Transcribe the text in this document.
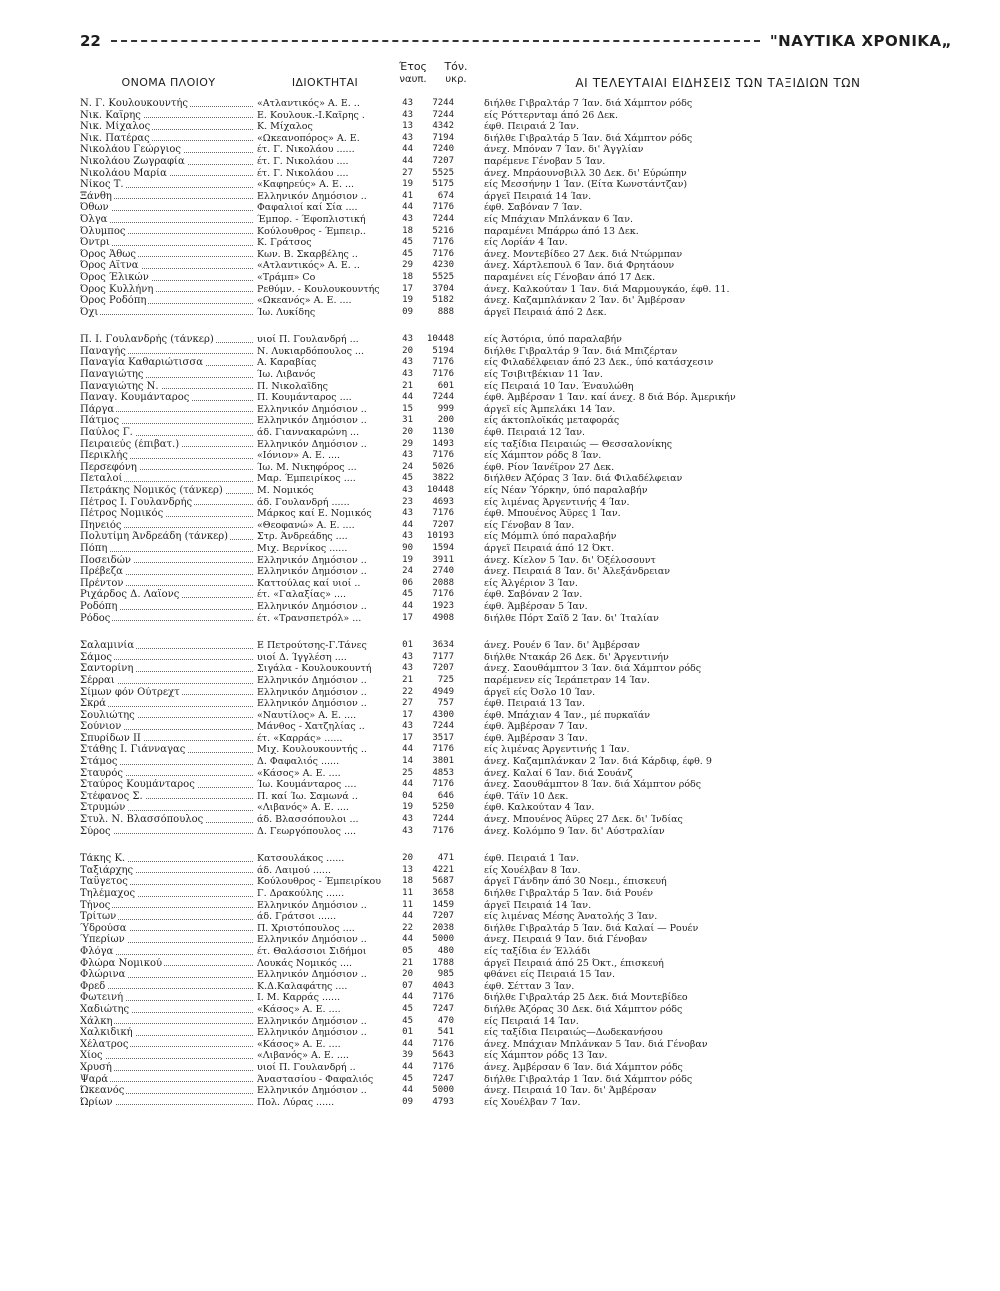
22	"ΝΑΥΤΙΚΑ ΧΡΟΝΙΚΑ„
ΟΝΟΜΑ ΠΛΟΙΟΥ	ΙΔΙΟΚΤΗΤΑΙ
Έτος
ναυπ.
Τόν.
υκρ.	ΑΙ ΤΕΛΕΥΤΑΙΑΙ ΕΙΔΗΣΕΙΣ ΤΩΝ ΤΑΞΙΔΙΩΝ ΤΩΝ
Ν. Γ. Κουλουκουντής	«Ατλαντικός» Α. Ε. ..	43	7244	διήλθε Γιβραλτάρ 7 Ίαν. διά Χάμπτον ρόδς
Νικ. Καΐρης	Ε. Κουλουκ.-Ι.Καΐρης .	43	7244	είς Ρόττερνταμ άπό 26 Δεκ.
Νικ. Μίχαλος	Κ. Μίχαλος	13	4342	έφθ. Πειραιά 2 Ίαν.
Νικ. Πατέρας	«Ωκεανοπόρος» Α. Ε.	43	7194	διήλθε Γιβραλτάρ 5 Ίαν. διά Χάμπτον ρόδς
Νικολάου Γεώργιος	έτ. Γ. Νικολάου ......	44	7240	άνεχ. Μπόναν 7 Ίαν. δι' Άγγλίαν
Νικολάου Ζωγραφία	έτ. Γ. Νικολάου ....	44	7207	παρέμενε Γένοβαν 5 Ίαν.
Νικολάου Μαρία	έτ. Γ. Νικολάου ....	27	5525	άνεχ. Μπράουνσβιλλ 30 Δεκ. δι' Εύρώπην
Νίκος Τ.	«Καφηρεύς» Α. Ε. ...	19	5175	είς Μεσσήνην 1 Ίαν. (Είτα Κωνστάντζαν)
Ξάνθη	Ελληνικόν Δημόσιον ..	41	674	άργεΐ Πειραιά 14 Ίαν.
Όθων	Φαφαλιοί καί Σία ....	44	7176	έφθ. Σαβόναν 7 Ίαν.
Όλγα	Έμπορ. - Έφοπλιστική	43	7244	είς Μπάχιαν Μπλάνκαν 6 Ίαν.
Όλυμπος	Κούλουθρος - Έμπειρ..	18	5216	παραμένει Μπάρρω άπό 13 Δεκ.
Όντρι	Κ. Γράτσος	45	7176	είς Λορίάν 4 Ίαν.
Όρος Άθως	Κων. Β. Σκαρβέλης ..	45	7176	άνεχ. Μοντεβίδεο 27 Δεκ. διά Ντώρμπαν
Όρος Αϊτνα	«Ατλαντικός» Α. Ε. ..	29	4230	άνεχ. Χάρτλεπουλ 6 Ίαν. διά Φρητάουν
Όρος Έλικών	«Τράμπ» Co	18	5525	παραμένει είς Γένοβαν άπό 17 Δεκ.
Όρος Κυλλήνη	Ρεθύμν. - Κουλουκουντής	17	3704	άνεχ. Καλκούταν 1 Ίαν. διά Μαρμουγκάο, έφθ. 11.
Όρος Ροδόπη	«Ωκεανός» Α. Ε. ....	19	5182	άνεχ. Καζαμπλάνκαν 2 Ίαν. δι' Άμβέρσαν
Όχι	Ίω. Λυκίδης	09	888	άργεΐ Πειραιά άπό 2 Δεκ.
Π. Ι. Γουλανδρής (τάνκερ)	υιοί Π. Γουλανδρή ...	43	10448	είς Άστόρια, ύπό παραλαβήν
Παναγής	Ν. Λυκιαρδόπουλος ...	20	5194	διήλθε Γιβραλτάρ 9 Ίαν. διά Μπιζέρταν
Παναγία Καθαριώτισσα	Α. Καραβίας	43	7176	είς Φιλαδέλφειαν άπό 23 Δεκ., ύπό κατάσχεσιν
Παναγιώτης	Ίω. Λιβανός	43	7176	είς Τσιβιτβέκιαν 11 Ίαν.
Παναγιώτης Ν.	Π. Νικολαΐδης	21	601	είς Πειραιά 10 Ίαν. Έναυλώθη
Παναγ. Κουμάνταρος	Π. Κουμάνταρος ....	44	7244	έφθ. Άμβέρσαν 1 Ίαν. καί άνεχ. 8 διά Βόρ. Άμερικήν
Πάργα	Ελληνικόν Δημόσιον ..	15	999	άργεΐ είς Άμπελάκι 14 Ίαν.
Πάτμος	Ελληνικόν Δημόσιον ..	31	200	είς άκτοπλοϊκάς μεταφοράς
Παύλος Γ.	άδ. Γιαννακαρώνη ...	20	1130	έφθ. Πειραιά 12 Ίαν.
Πειραιεύς (έπιβατ.)	Ελληνικόν Δημόσιον ..	29	1493	είς ταξίδια Πειραιώς — Θεσσαλονίκης
Περικλής	«Ιόνιον» Α. Ε. ....	43	7176	είς Χάμπτον ρόδς 8 Ίαν.
Περσεφόνη	Ίω. Μ. Νικηφόρος ...	24	5026	έφθ. Ρίον Ίανέϊρον 27 Δεκ.
Πεταλοί	Μαρ. Έμπειρίκος ....	45	3822	διήλθεν Άζόρας 3 Ίαν. διά Φιλαδέλφειαν
Πετράκης Νομικός (τάνκερ)	Μ. Νομικός	43	10448	είς Νέαν Ύόρκην, ύπό παραλαβήν
Πέτρος Ι. Γουλανδρής	άδ. Γουλανδρή ......	23	4693	είς λιμένας Άργεντινής 4 Ίαν.
Πέτρος Νομικός	Μάρκος καί Ε. Νομικός	43	7176	έφθ. Μπουένος Άϋρες 1 Ίαν.
Πηνειός	«Θεοφανώ» Α. Ε. ....	44	7207	είς Γένοβαν 8 Ίαν.
Πολυτίμη Άνδρεάδη (τάνκερ)	Στρ. Άνδρεάδης ....	43	10193	είς Μόμπιλ ύπό παραλαβήν
Πόπη	Μιχ. Βερνίκος ......	90	1594	άργεΐ Πειραιά άπό 12 Όκτ.
Ποσειδών	Ελληνικόν Δημόσιον ..	19	3911	άνεχ. Κίελον 5 Ίαν. δι' Όξέλοσουντ
Πρέβεζα	Ελληνικόν Δημόσιον ..	24	2740	άνεχ. Πειραιά 8 Ίαν. δι' Άλεξάνδρειαν
Πρέντον	Καττούλας καί υιοί ..	06	2088	είς Άλγέριον 3 Ίαν.
Ριχάρδος Δ. Λαΐονς	έτ. «Γαλαξίας» ....	45	7176	έφθ. Σαβόναν 2 Ίαν.
Ροδόπη	Ελληνικόν Δημόσιον ..	44	1923	έφθ. Άμβέρσαν 5 Ίαν.
Ρόδος	έτ. «Τρανσπετρόλ» ...	17	4908	διήλθε Πόρτ Σαΐδ 2 Ίαν. δι' Ίταλίαν
Σαλαμινία	Ε Πετρούτσης-Γ.Τάνες	01	3634	άνεχ. Ρουέν 6 Ίαν. δι' Άμβέρσαν
Σάμος	υιοί Δ. Ίγγλέση ....	43	7177	διήλθε Ντακάρ 26 Δεκ. δι' Άργεντινήν
Σαντορίνη	Σιγάλα - Κουλουκουντή	43	7207	άνεχ. Σαουθάμπτον 3 Ίαν. διά Χάμπτον ρόδς
Σέρραι	Ελληνικόν Δημόσιον ..	21	725	παρέμενεν είς Ίεράπετραν 14 Ίαν.
Σίμων φόν Ούτρεχτ	Ελληνικόν Δημόσιον ..	22	4949	άργεΐ είς Όσλο 10 Ίαν.
Σκρά	Ελληνικόν Δημόσιον ..	27	757	έφθ. Πειραιά 13 Ίαν.
Σουλιώτης	«Ναυτίλος» Α. Ε. ....	17	4300	έφθ. Μπάχιαν 4 Ίαν., μέ πυρκαϊάν
Σούνιον	Μάνθος - Χατζηλίας ..	43	7244	έφθ. Άμβέρσαν 7 Ίαν.
Σπυρίδων ΙΙ	έτ. «Καρράς» ......	17	3517	έφθ. Άμβέρσαν 3 Ίαν.
Στάθης Ι. Γιάνναγας	Μιχ. Κουλουκουντής ..	44	7176	είς λιμένας Άργεντινής 1 Ίαν.
Στάμος	Δ. Φαφαλιός ......	14	3801	άνεχ. Καζαμπλάνκαν 2 Ίαν. διά Κάρδιφ, έφθ. 9
Σταυρός	«Κάσος» Α. Ε. ....	25	4853	άνεχ. Καλαί 6 Ίαν. διά Σουάνζ
Σταύρος Κουμάνταρος	Ίω. Κουμάνταρος ....	44	7176	άνεχ. Σαουθάμπτον 8 Ίαν. διά Χάμπτον ρόδς
Στέφανος Σ.	Π. καί Ίω. Σαμωνά ..	04	646	έφθ. Τάϊν 10 Δεκ.
Στρυμών	«Λιβανός» Α. Ε. ....	19	5250	έφθ. Καλκούταν 4 Ίαν.
Στυλ. Ν. Βλασσόπουλος	άδ. Βλασσόπουλοι ...	43	7244	άνεχ. Μπουένος Άϋρες 27 Δεκ. δι' Ίνδίας
Σύρος	Δ. Γεωργόπουλος ....	43	7176	άνεχ. Κολόμπο 9 Ίαν. δι' Αύστραλίαν
Τάκης Κ.	Κατσουλάκος ......	20	471	έφθ. Πειραιά 1 Ίαν.
Ταξιάρχης	άδ. Λαιμού ......	13	4221	είς Χουέλβαν 8 Ίαν.
Ταΰγετος	Κούλουθρος - Έμπειρίκου	18	5687	άργεΐ Γάνδην άπό 30 Νοεμ., έπισκευή
Τηλέμαχος	Γ. Δρακούλης ......	11	3658	διήλθε Γιβραλτάρ 5 Ίαν. διά Ρουέν
Τήνος	Ελληνικόν Δημόσιον ..	11	1459	άργεΐ Πειραιά 14 Ίαν.
Τρίτων	άδ. Γράτσοι ......	44	7207	είς λιμένας Μέσης Άνατολής 3 Ίαν.
Ύδρούσα	Π. Χριστόπουλος ....	22	2038	διήλθε Γιβραλτάρ 5 Ίαν. διά Καλαί — Ρουέν
Ύπερίων	Ελληνικόν Δημόσιον ..	44	5000	άνεχ. Πειραιά 9 Ίαν. διά Γένοβαν
Φλόγα	έτ. Θαλάσσιοι Σιδήμοι	05	480	είς ταξίδια έν Έλλάδι
Φλώρα Νομικού	Λουκάς Νομικός ....	21	1788	άργεΐ Πειραιά άπό 25 Όκτ., έπισκευή
Φλώρινα	Ελληνικόν Δημόσιον ..	20	985	φθάνει είς Πειραιά 15 Ίαν.
Φρεδ	Κ.Δ.Καλαφάτης ....	07	4043	έφθ. Σέτταν 3 Ίαν.
Φωτεινή	Ι. Μ. Καρράς ......	44	7176	διήλθε Γιβραλτάρ 25 Δεκ. διά Μοντεβίδεο
Χαδιώτης	«Κάσος» Α. Ε. ....	45	7247	διήλθε Άζόρας 30 Δεκ. διά Χάμπτον ρόδς
Χάλκη	Ελληνικόν Δημόσιον ..	45	470	είς Πειραιά 14 Ίαν.
Χαλκιδική	Ελληνικόν Δημόσιον ..	01	541	είς ταξίδια Πειραιώς—Δωδεκανήσου
Χέλατρος	«Κάσος» Α. Ε. ....	44	7176	άνεχ. Μπάχιαν Μπλάνκαν 5 Ίαν. διά Γένοβαν
Χίος	«Λιβανός» Α. Ε. ....	39	5643	είς Χάμπτον ρόδς 13 Ίαν.
Χρυσή	υιοί Π. Γουλανδρή ..	44	7176	άνεχ. Άμβέρσαν 6 Ίαν. διά Χάμπτον ρόδς
Ψαρά	Άναστασίου - Φαφαλιός	45	7247	διήλθε Γιβραλτάρ 1 Ίαν. διά Χάμπτον ρόδς
Ώκεανός	Ελληνικόν Δημόσιον ..	44	5000	άνεχ. Πειραιά 10 Ίαν. δι' Άμβέρσαν
Ώρίων	Πολ. Λύρας ......	09	4793	είς Χουέλβαν 7 Ίαν.
